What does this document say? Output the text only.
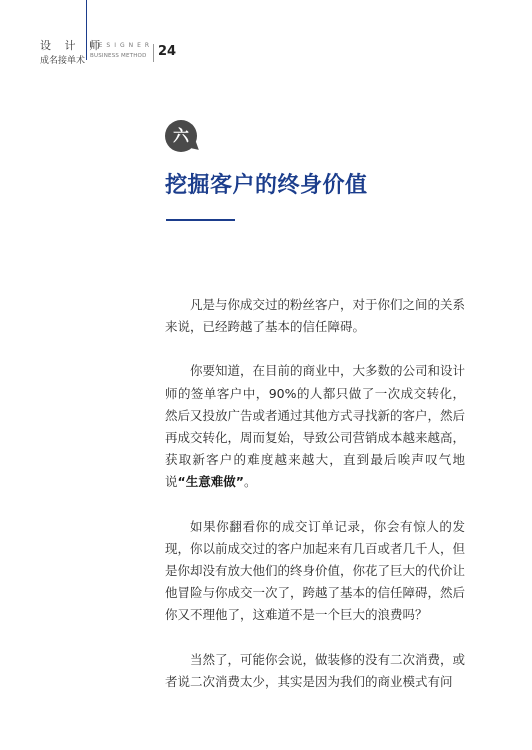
设 计 师
成名接单术
DESIGNER
BUSINESS METHOD 24
六
挖掘客户的终身价值

凡是与你成交过的粉丝客户，对于你们之间的关系来说，已经跨越了基本的信任障碍。

你要知道，在目前的商业中，大多数的公司和设计师的签单客户中，90%的人都只做了一次成交转化，然后又投放广告或者通过其他方式寻找新的客户，然后再成交转化，周而复始，导致公司营销成本越来越高，获取新客户的难度越来越大，直到最后唉声叹气地说“生意难做”。

如果你翻看你的成交订单记录，你会有惊人的发现，你以前成交过的客户加起来有几百或者几千人，但是你却没有放大他们的终身价值，你花了巨大的代价让他冒险与你成交一次了，跨越了基本的信任障碍，然后你又不理他了，这难道不是一个巨大的浪费吗？

当然了，可能你会说，做装修的没有二次消费，或者说二次消费太少，其实是因为我们的商业模式有问
